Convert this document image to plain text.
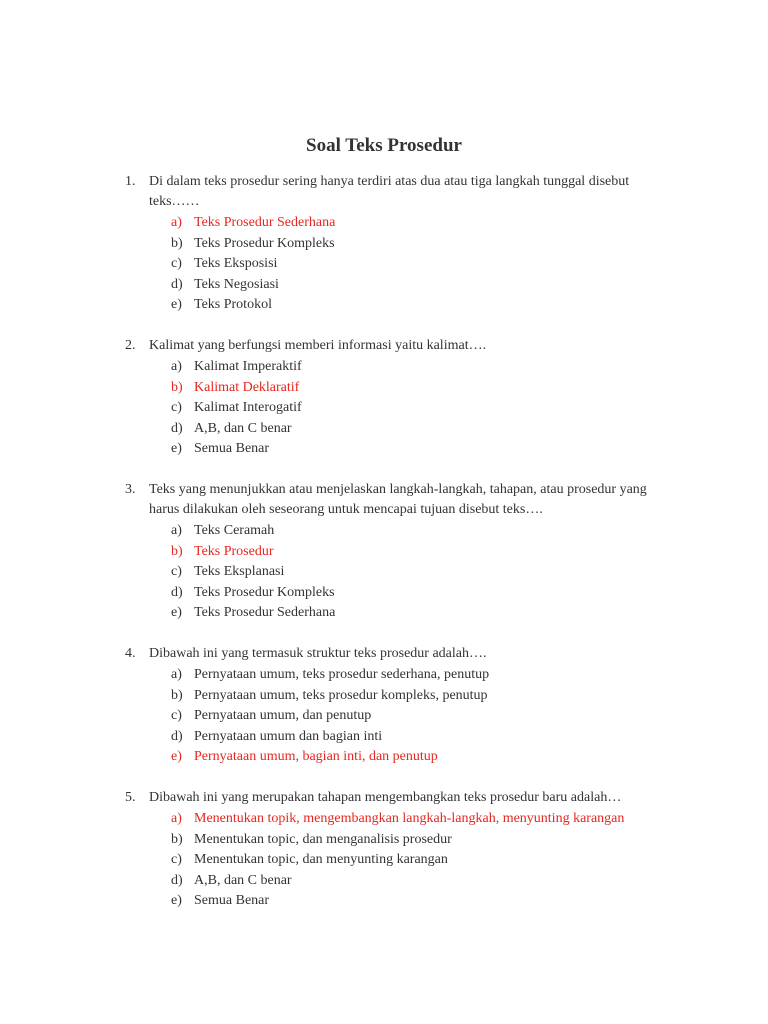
Soal Teks Prosedur
1. Di dalam teks prosedur sering hanya terdiri atas dua atau tiga langkah tunggal disebut teks……
a) Teks Prosedur Sederhana
b) Teks Prosedur Kompleks
c) Teks Eksposisi
d) Teks Negosiasi
e) Teks Protokol
2. Kalimat yang berfungsi memberi informasi yaitu kalimat….
a) Kalimat Imperaktif
b) Kalimat Deklaratif
c) Kalimat Interogatif
d) A,B, dan C benar
e) Semua Benar
3. Teks yang menunjukkan atau menjelaskan langkah-langkah, tahapan, atau prosedur yang harus dilakukan oleh seseorang untuk mencapai tujuan disebut teks….
a) Teks Ceramah
b) Teks Prosedur
c) Teks Eksplanasi
d) Teks Prosedur Kompleks
e) Teks Prosedur Sederhana
4. Dibawah ini yang termasuk struktur teks prosedur adalah….
a) Pernyataan umum, teks prosedur sederhana, penutup
b) Pernyataan umum, teks prosedur kompleks, penutup
c) Pernyataan umum, dan penutup
d) Pernyataan umum dan bagian inti
e) Pernyataan umum, bagian inti, dan penutup
5. Dibawah ini yang merupakan tahapan mengembangkan teks prosedur baru adalah…
a) Menentukan topik, mengembangkan langkah-langkah, menyunting karangan
b) Menentukan topic, dan menganalisis prosedur
c) Menentukan topic, dan menyunting karangan
d) A,B, dan C benar
e) Semua Benar
